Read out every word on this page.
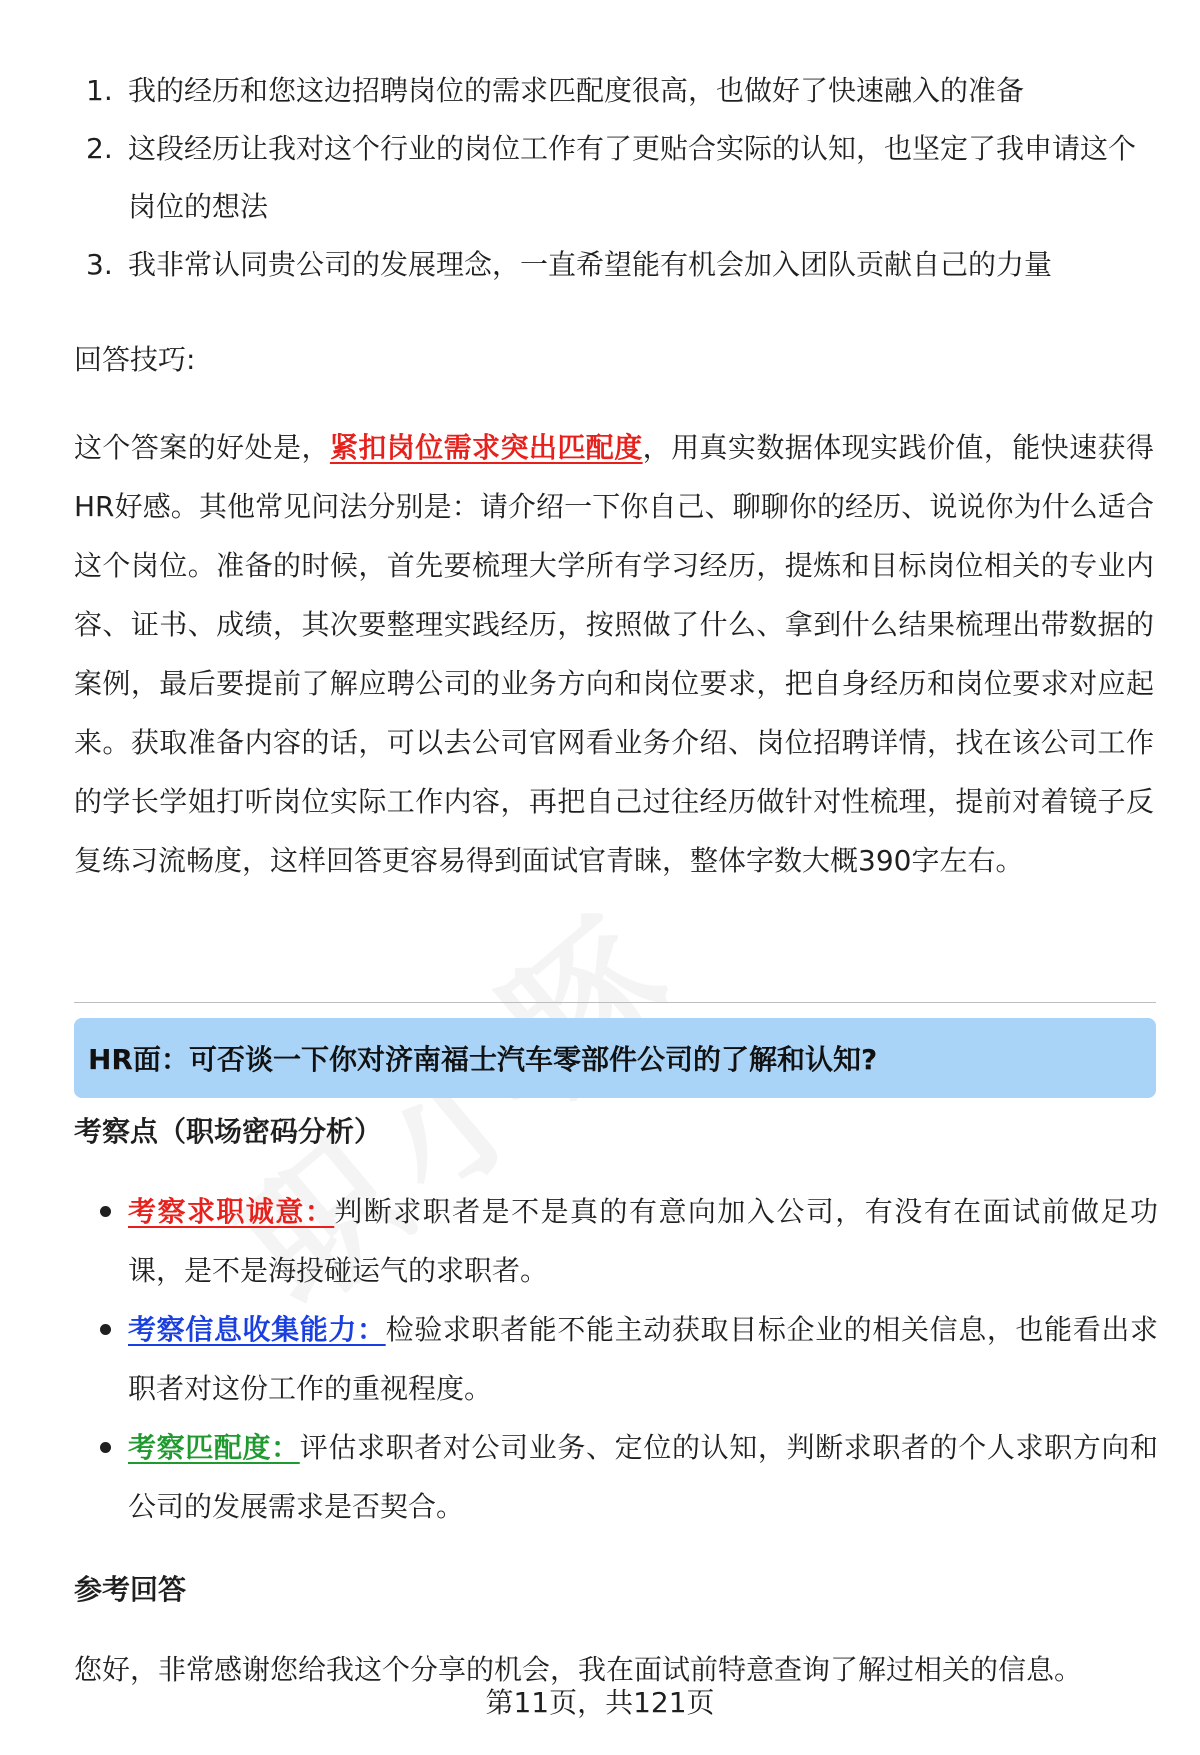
1. 我的经历和您这边招聘岗位的需求匹配度很高，也做好了快速融入的准备
2. 这段经历让我对这个行业的岗位工作有了更贴合实际的认知，也坚定了我申请这个岗位的想法
3. 我非常认同贵公司的发展理念，一直希望能有机会加入团队贡献自己的力量
回答技巧:
这个答案的好处是，紧扣岗位需求突出匹配度，用真实数据体现实践价值，能快速获得HR好感。其他常见问法分别是：请介绍一下你自己、聊聊你的经历、说说你为什么适合这个岗位。准备的时候，首先要梳理大学所有学习经历，提炼和目标岗位相关的专业内容、证书、成绩，其次要整理实践经历，按照做了什么、拿到什么结果梳理出带数据的案例，最后要提前了解应聘公司的业务方向和岗位要求，把自身经历和岗位要求对应起来。获取准备内容的话，可以去公司官网看业务介绍、岗位招聘详情，找在该公司工作的学长学姐打听岗位实际工作内容，再把自己过往经历做针对性梳理，提前对着镜子反复练习流畅度，这样回答更容易得到面试官青睐，整体字数大概390字左右。
HR面：可否谈一下你对济南福士汽车零部件公司的了解和认知?
考察点（职场密码分析）
考察求职诚意：判断求职者是不是真的有意向加入公司，有没有在面试前做足功课，是不是海投碰运气的求职者。
考察信息收集能力：检验求职者能不能主动获取目标企业的相关信息，也能看出求职者对这份工作的重视程度。
考察匹配度：评估求职者对公司业务、定位的认知，判断求职者的个人求职方向和公司的发展需求是否契合。
参考回答
您好，非常感谢您给我这个分享的机会，我在面试前特意查询了解过相关的信息。
第11页，共121页
